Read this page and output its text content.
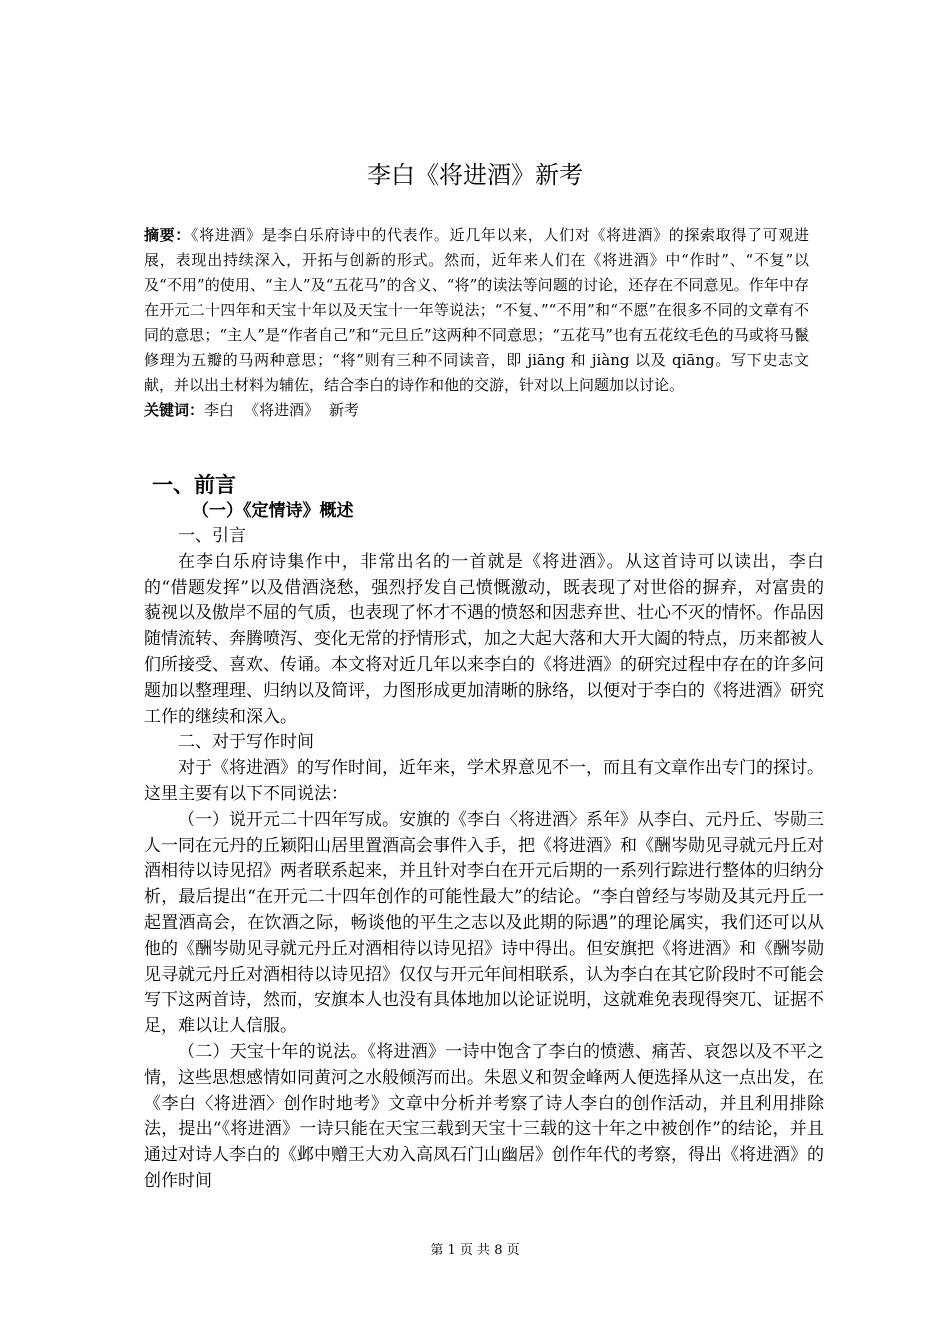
李白《将进酒》新考

摘要：《将进酒》是李白乐府诗中的代表作。近几年以来，人们对《将进酒》的探索取得了可观进展，表现出持续深入，开拓与创新的形式。然而，近年来人们在《将进酒》中“作时”、“不复”以及“不用”的使用、“主人”及“五花马”的含义、“将”的读法等问题的讨论，还存在不同意见。作年中存在开元二十四年和天宝十年以及天宝十一年等说法；“不复、”“不用”和“不愿”在很多不同的文章有不同的意思；“主人”是“作者自己”和“元旦丘”这两种不同意思；“五花马”也有五花纹毛色的马或将马鬣修理为五瓣的马两种意思；“将”则有三种不同读音，即 jiāng 和 jiàng 以及 qiāng。写下史志文献，并以出土材料为辅佐，结合李白的诗作和他的交游，针对以上问题加以讨论。

关键词：李白 《将进酒》 新考

一、前言
（一）《定情诗》概述

一、引言

在李白乐府诗集作中，非常出名的一首就是《将进酒》。从这首诗可以读出，李白的“借题发挥”以及借酒浇愁，强烈抒发自己愤慨激动，既表现了对世俗的摒弃，对富贵的藐视以及傲岸不屈的气质，也表现了怀才不遇的愤怒和因悲弃世、壮心不灭的情怀。作品因随情流转、奔腾喷泻、变化无常的抒情形式，加之大起大落和大开大阖的特点，历来都被人们所接受、喜欢、传诵。本文将对近几年以来李白的《将进酒》的研究过程中存在的许多问题加以整理理、归纳以及简评，力图形成更加清晰的脉络，以便对于李白的《将进酒》研究工作的继续和深入。

二、对于写作时间

对于《将进酒》的写作时间，近年来，学术界意见不一，而且有文章作出专门的探讨。这里主要有以下不同说法：

（一）说开元二十四年写成。安旗的《李白〈将进酒〉系年》从李白、元丹丘、岑勋三人一同在元丹的丘颖阳山居里置酒高会事件入手，把《将进酒》和《酬岑勋见寻就元丹丘对酒相待以诗见招》两者联系起来，并且针对李白在开元后期的一系列行踪进行整体的归纳分析，最后提出“在开元二十四年创作的可能性最大”的结论。“李白曾经与岑勋及其元丹丘一起置酒高会，在饮酒之际，畅谈他的平生之志以及此期的际遇”的理论属实，我们还可以从他的《酬岑勋见寻就元丹丘对酒相待以诗见招》诗中得出。但安旗把《将进酒》和《酬岑勋见寻就元丹丘对酒相待以诗见招》仅仅与开元年间相联系，认为李白在其它阶段时不可能会写下这两首诗，然而，安旗本人也没有具体地加以论证说明，这就难免表现得突兀、证据不足，难以让人信服。

（二）天宝十年的说法。《将进酒》一诗中饱含了李白的愤懑、痛苦、哀怨以及不平之情，这些思想感情如同黄河之水般倾泻而出。朱恩义和贺金峰两人便选择从这一点出发，在《李白〈将进酒〉创作时地考》文章中分析并考察了诗人李白的创作活动，并且利用排除法，提出“《将进酒》一诗只能在天宝三载到天宝十三载的这十年之中被创作”的结论，并且通过对诗人李白的《邺中赠王大劝入高凤石门山幽居》创作年代的考察，得出《将进酒》的创作时间

第 1 页 共 8 页
